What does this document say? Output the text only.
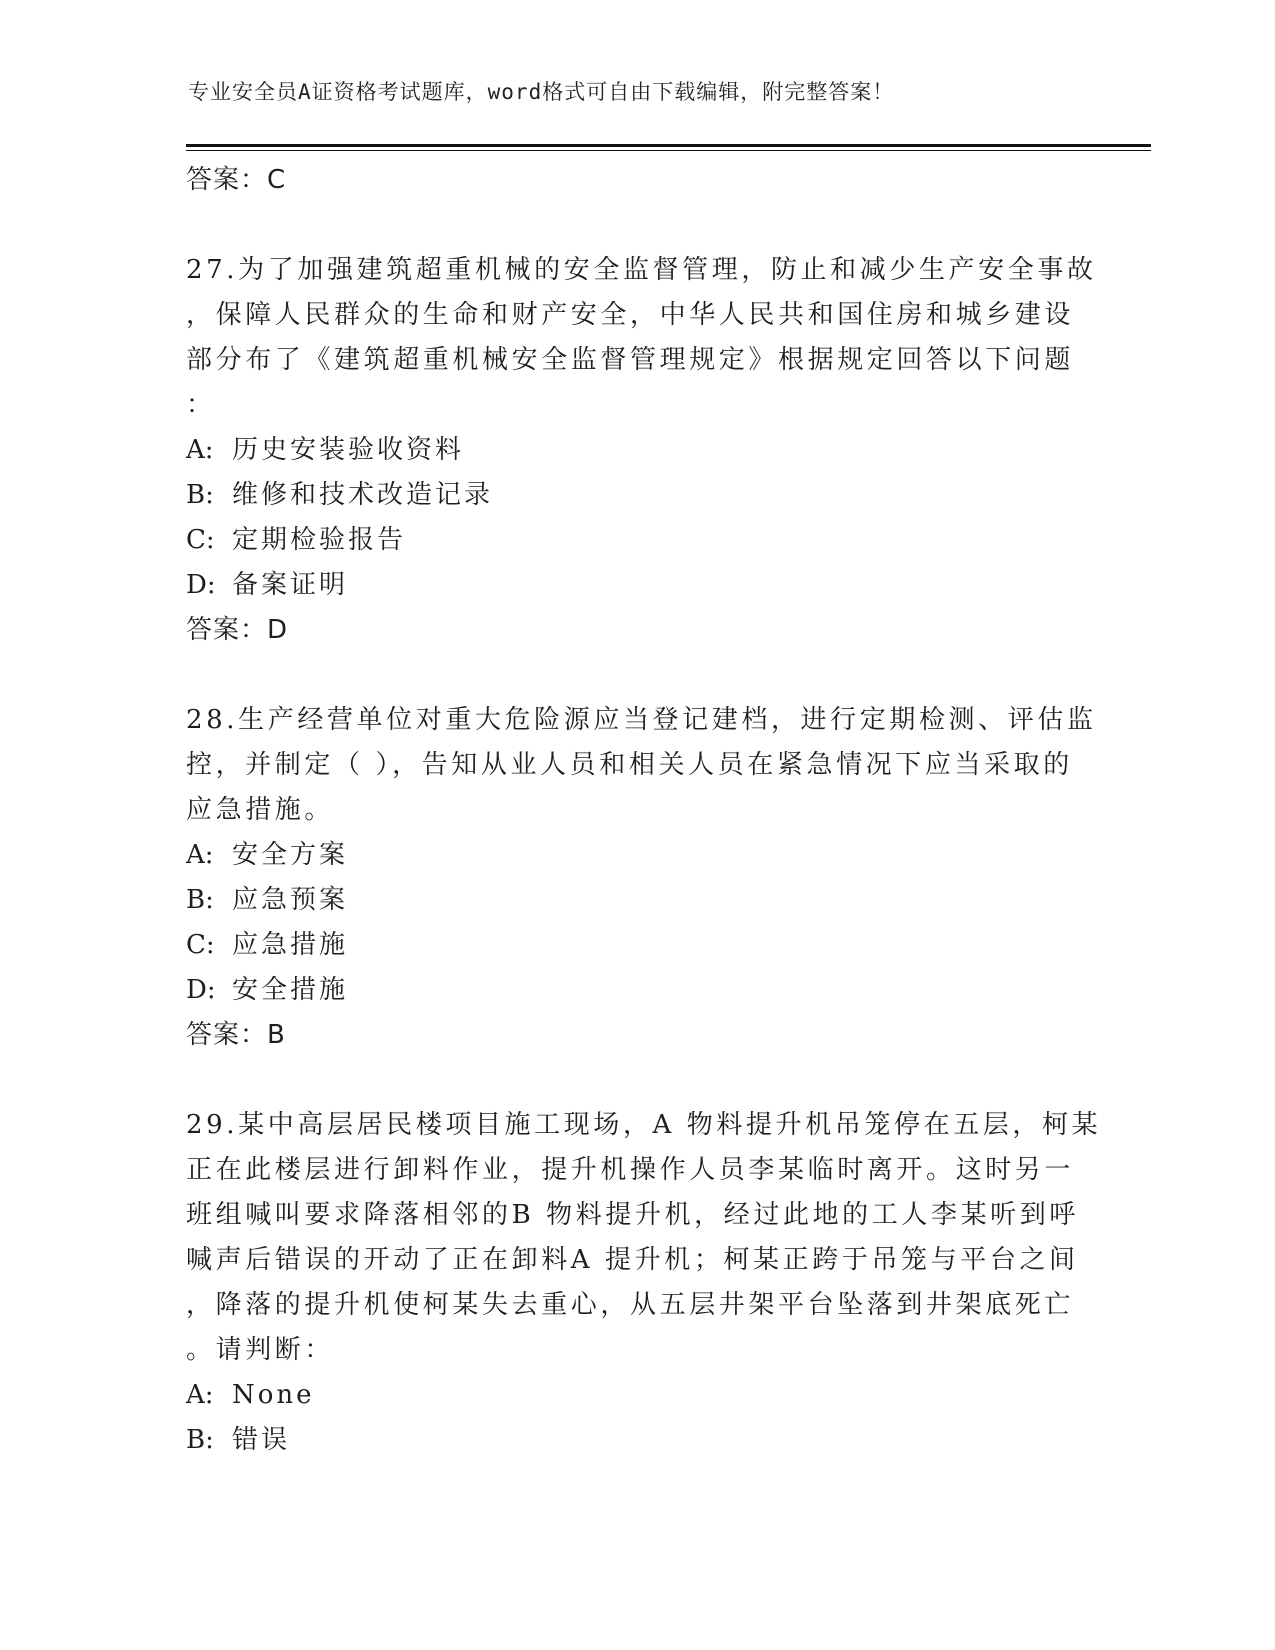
专业安全员A证资格考试题库，word格式可自由下载编辑，附完整答案！

答案：C

27.为了加强建筑超重机械的安全监督管理，防止和减少生产安全事故

，保障人民群众的生命和财产安全，中华人民共和国住房和城乡建设

部分布了《建筑超重机械安全监督管理规定》根据规定回答以下问题

：

A: 历史安装验收资料

B: 维修和技术改造记录

C: 定期检验报告

D: 备案证明

答案：D

28.生产经营单位对重大危险源应当登记建档，进行定期检测、评估监

控，并制定（ ），告知从业人员和相关人员在紧急情况下应当采取的

应急措施。

A: 安全方案

B: 应急预案

C: 应急措施

D: 安全措施

答案：B

29.某中高层居民楼项目施工现场，A 物料提升机吊笼停在五层，柯某

正在此楼层进行卸料作业，提升机操作人员李某临时离开。这时另一

班组喊叫要求降落相邻的B 物料提升机，经过此地的工人李某听到呼

喊声后错误的开动了正在卸料A 提升机；柯某正跨于吊笼与平台之间

，降落的提升机使柯某失去重心，从五层井架平台坠落到井架底死亡

。请判断：

A: None

B: 错误
